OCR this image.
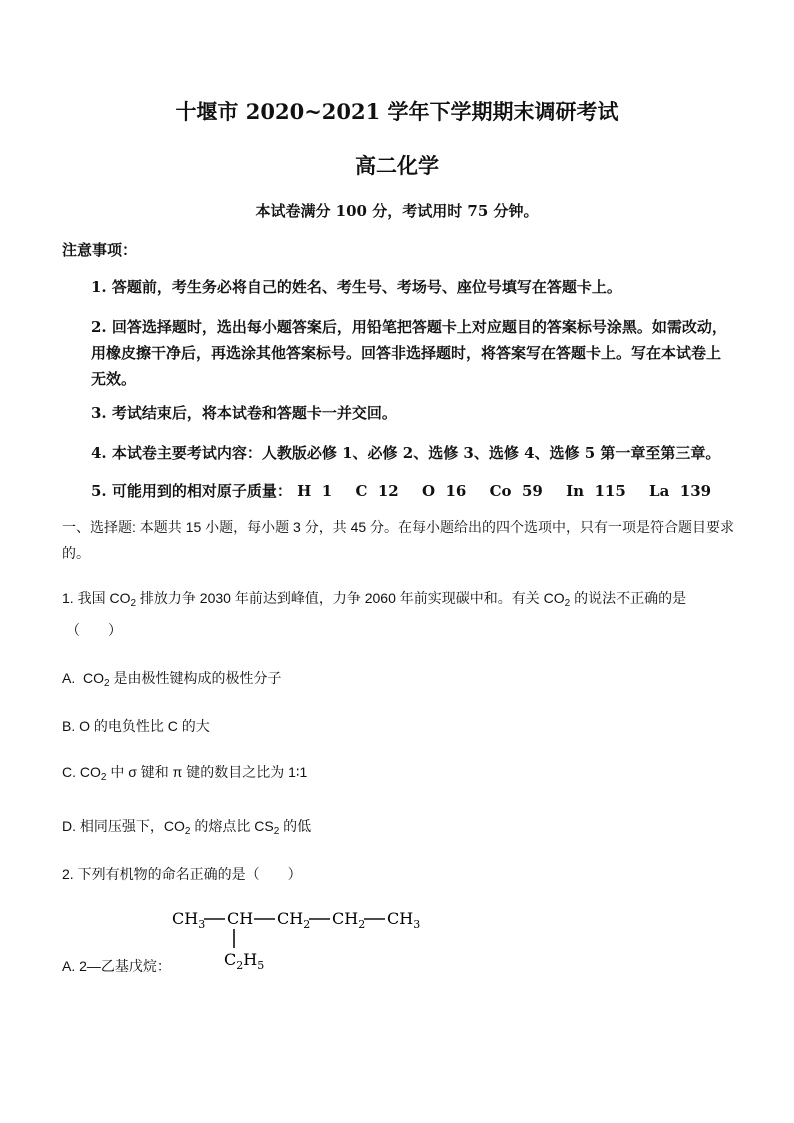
十堰市 2020~2021 学年下学期期末调研考试
高二化学
本试卷满分 100 分，考试用时 75 分钟。
注意事项：
1. 答题前，考生务必将自己的姓名、考生号、考场号、座位号填写在答题卡上。
2. 回答选择题时，选出每小题答案后，用铅笔把答题卡上对应题目的答案标号涂黑。如需改动，用橡皮擦干净后，再选涂其他答案标号。回答非选择题时，将答案写在答题卡上。写在本试卷上无效。
3. 考试结束后，将本试卷和答题卡一并交回。
4. 本试卷主要考试内容：人教版必修 1、必修 2、选修 3、选修 4、选修 5 第一章至第三章。
5. 可能用到的相对原子质量： H 1 C 12 O 16 Co 59 In 115 La 139
一、选择题: 本题共 15 小题，每小题 3 分，共 45 分。在每小题给出的四个选项中，只有一项是符合题目要求的。
1. 我国 $CO_2$ 排放力争 2030 年前达到峰值，力争 2060 年前实现碳中和。有关 $CO_2$ 的说法不正确的是
（　　）
A. $CO_2$ 是由极性键构成的极性分子
B. O 的电负性比 C 的大
C. $CO_2$ 中 σ 键和 π 键的数目之比为 1∶1
D. 相同压强下，$CO_2$ 的熔点比 $CS_2$ 的低
2. 下列有机物的命名正确的是（　　）
$CH_3$ CH $CH_2$ $CH_2$ $CH_3$
$C_2H_5$
A. 2—乙基戊烷：
